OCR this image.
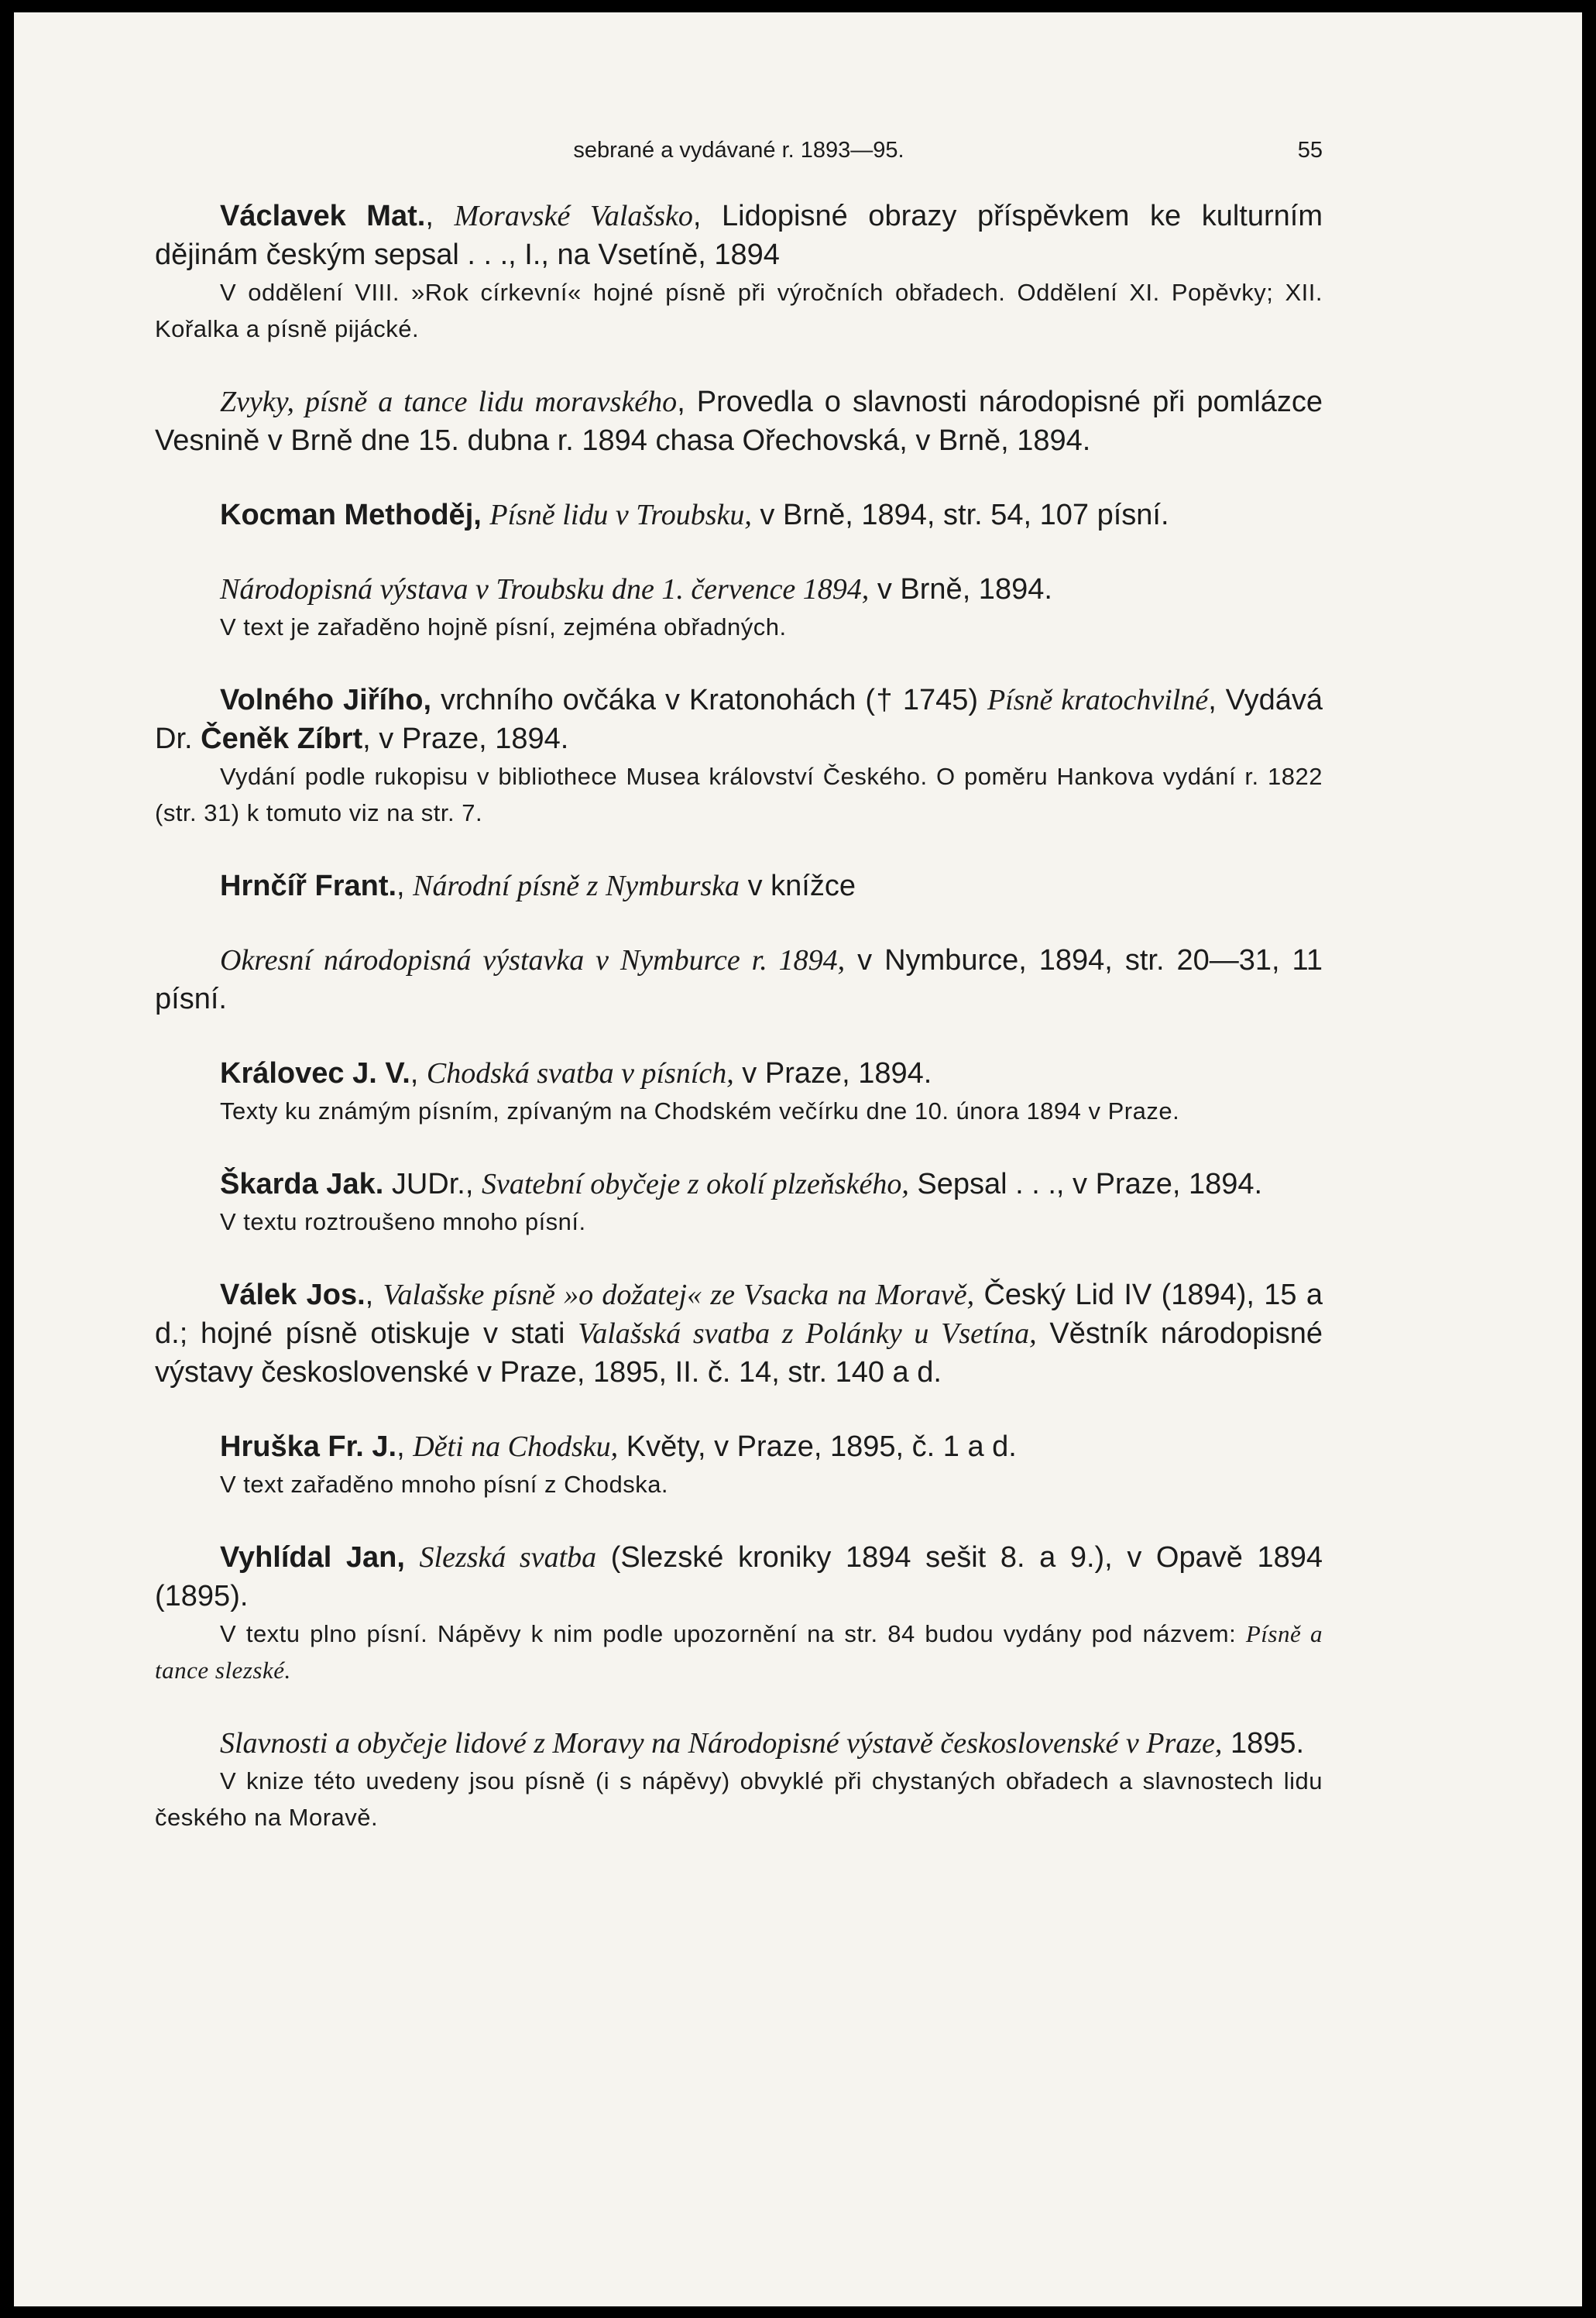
sebrané a vydávané r. 1893—95.	55

Václavek Mat., Moravské Valašsko, Lidopisné obrazy příspěvkem ke kulturním dějinám českým sepsal . . ., I., na Vsetíně, 1894

V oddělení VIII. »Rok církevní« hojné písně při výročních obřadech. Oddělení XI. Popěvky; XII. Kořalka a písně pijácké.

Zvyky, písně a tance lidu moravského, Provedla o slavnosti národopisné při pomlázce Vesnině v Brně dne 15. dubna r. 1894 chasa Ořechovská, v Brně, 1894.

Kocman Methoděj, Písně lidu v Troubsku, v Brně, 1894, str. 54, 107 písní.

Národopisná výstava v Troubsku dne 1. července 1894, v Brně, 1894.

V text je zařaděno hojně písní, zejména obřadných.

Volného Jiřího, vrchního ovčáka v Kratonohách († 1745) Písně kratochvilné, Vydává Dr. Čeněk Zíbrt, v Praze, 1894.

Vydání podle rukopisu v bibliothece Musea království Českého. O poměru Hankova vydání r. 1822 (str. 31) k tomuto viz na str. 7.

Hrnčíř Frant., Národní písně z Nymburska v knížce

Okresní národopisná výstavka v Nymburce r. 1894, v Nymburce, 1894, str. 20—31, 11 písní.

Královec J. V., Chodská svatba v písních, v Praze, 1894.

Texty ku známým písním, zpívaným na Chodském večírku dne 10. února 1894 v Praze.

Škarda Jak. JUDr., Svatební obyčeje z okolí plzeňského, Sepsal . . ., v Praze, 1894.

V textu roztroušeno mnoho písní.

Válek Jos., Valašske písně »o dožatej« ze Vsacka na Moravě, Český Lid IV (1894), 15 a d.; hojné písně otiskuje v stati Valašská svatba z Polánky u Vsetína, Věstník národopisné výstavy československé v Praze, 1895, II. č. 14, str. 140 a d.

Hruška Fr. J., Děti na Chodsku, Květy, v Praze, 1895, č. 1 a d.

V text zařaděno mnoho písní z Chodska.

Vyhlídal Jan, Slezská svatba (Slezské kroniky 1894 sešit 8. a 9.), v Opavě 1894 (1895).

V textu plno písní. Nápěvy k nim podle upozornění na str. 84 budou vydány pod názvem: Písně a tance slezské.

Slavnosti a obyčeje lidové z Moravy na Národopisné výstavě československé v Praze, 1895.

V knize této uvedeny jsou písně (i s nápěvy) obvyklé při chystaných obřadech a slavnostech lidu českého na Moravě.
